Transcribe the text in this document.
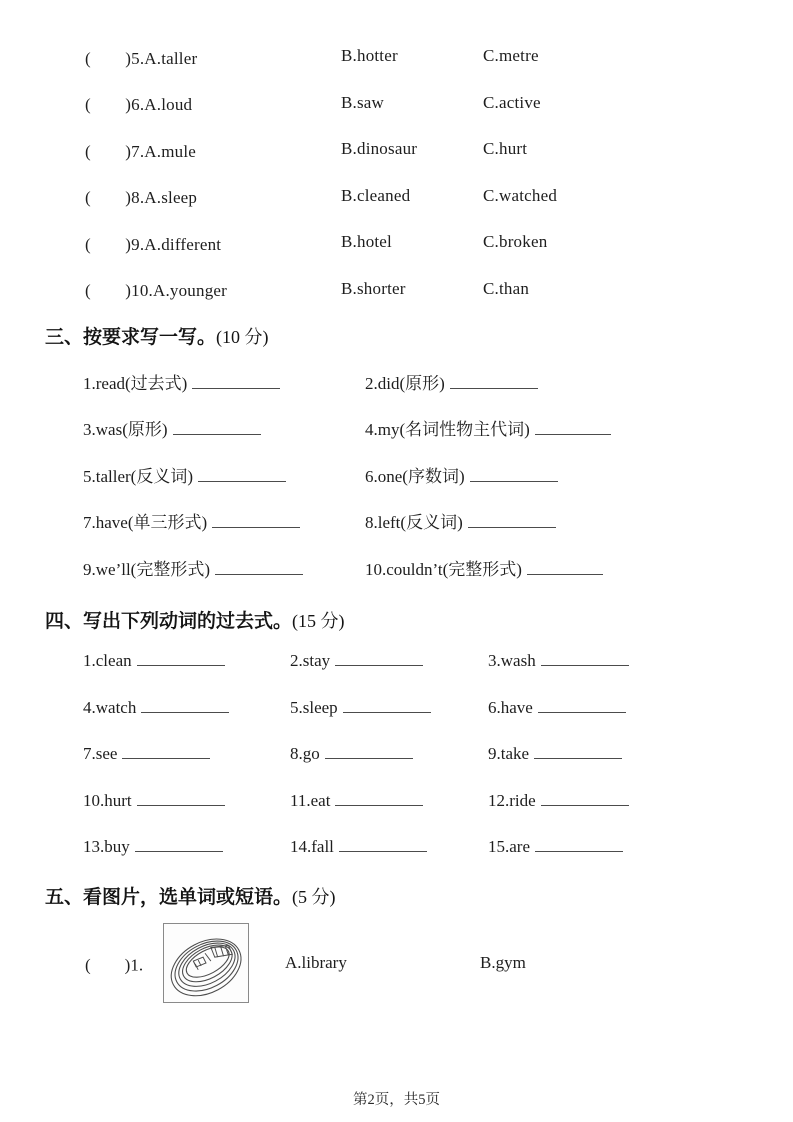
(　　)5.A.taller	B.hotter	C.metre
(　　)6.A.loud	B.saw	C.active
(　　)7.A.mule	B.dinosaur	C.hurt
(　　)8.A.sleep	B.cleaned	C.watched
(　　)9.A.different	B.hotel	C.broken
(　　)10.A.younger	B.shorter	C.than
三、按要求写一写。(10 分)
1.read(过去式)	2.did(原形)
3.was(原形)	4.my(名词性物主代词)
5.taller(反义词)	6.one(序数词)
7.have(单三形式)	8.left(反义词)
9.we’ll(完整形式)	10.couldn’t(完整形式)
四、写出下列动词的过去式。(15 分)
1.clean	2.stay	3.wash
4.watch	5.sleep	6.have
7.see	8.go	9.take
10.hurt	11.eat	12.ride
13.buy	14.fall	15.are
五、看图片，选单词或短语。(5 分)
(　　)1.	A.library	B.gym
第2页，共5页
